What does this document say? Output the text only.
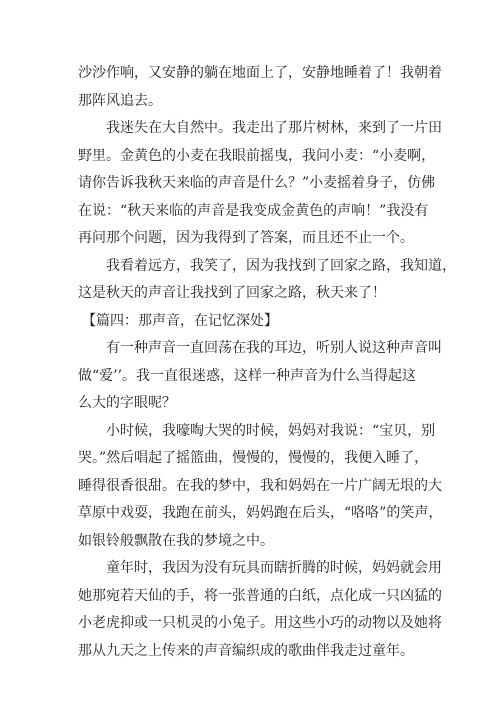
沙沙作响，又安静的躺在地面上了，安静地睡着了！我朝着
那阵风追去。
我迷失在大自然中。我走出了那片树林，来到了一片田
野里。金黄色的小麦在我眼前摇曳，我问小麦：“小麦啊，
请你告诉我秋天来临的声音是什么？”小麦摇着身子，仿佛
在说：“秋天来临的声音是我变成金黄色的声响！”我没有
再问那个问题，因为我得到了答案，而且还不止一个。
我看着远方，我笑了，因为我找到了回家之路，我知道，
这是秋天的声音让我找到了回家之路，秋天来了！
【篇四：那声音，在记忆深处】
有一种声音一直回荡在我的耳边，听别人说这种声音叫
做“爱’’。我一直很迷惑，这样一种声音为什么当得起这
么大的字眼呢？
小时候，我嚎啕大哭的时候，妈妈对我说：“宝贝，别
哭。”然后唱起了摇篮曲，慢慢的，慢慢的，我便入睡了，
睡得很香很甜。在我的梦中，我和妈妈在一片广阔无垠的大
草原中戏耍，我跑在前头，妈妈跑在后头，“咯咯”的笑声，
如银铃般飘散在我的梦境之中。
童年时，我因为没有玩具而瞎折腾的时候，妈妈就会用
她那宛若天仙的手，将一张普通的白纸，点化成一只凶猛的
小老虎抑或一只机灵的小兔子。用这些小巧的动物以及她将
那从九天之上传来的声音编织成的歌曲伴我走过童年。
